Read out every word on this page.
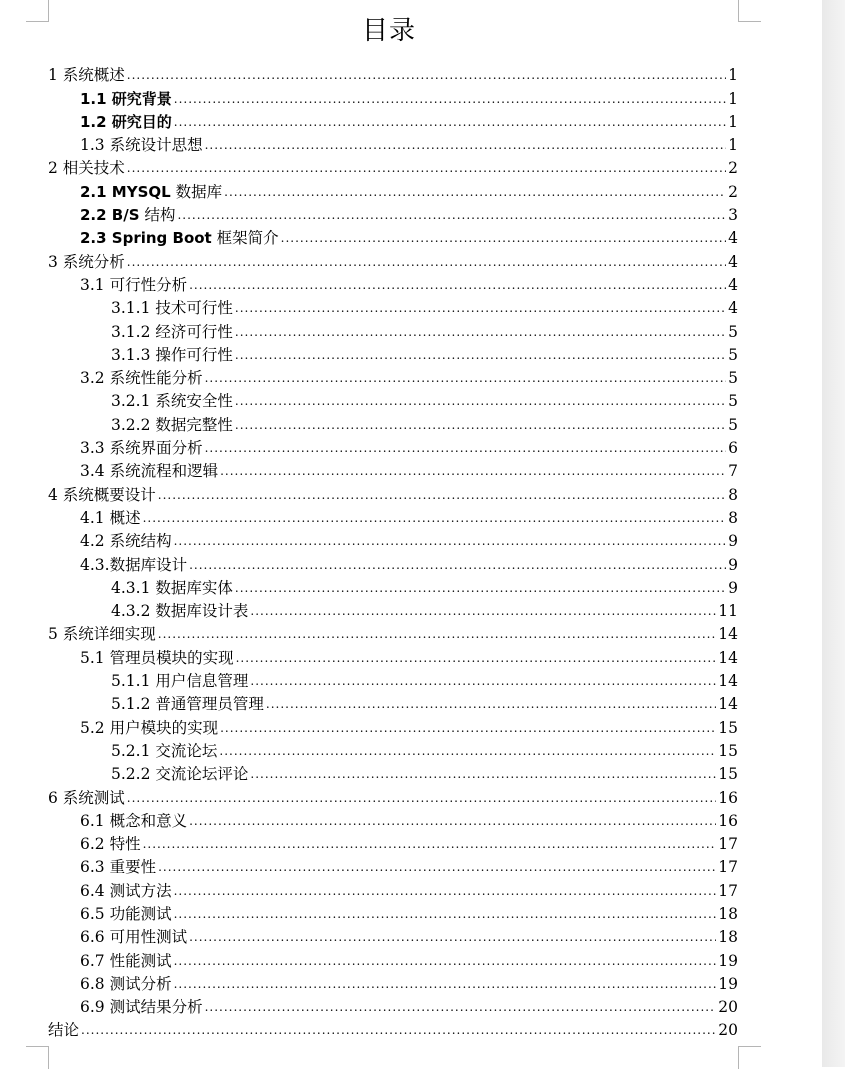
目录
1 系统概述 .....	1
1.1 研究背景 .....	1
1.2 研究目的 .....	1
1.3 系统设计思想 .....	1
2 相关技术 .....	2
2.1 MYSQL 数据库 .....	2
2.2 B/S 结构 .....	3
2.3 Spring Boot 框架简介 .....	4
3 系统分析 .....	4
3.1 可行性分析 .....	4
3.1.1 技术可行性 .....	4
3.1.2 经济可行性 .....	5
3.1.3 操作可行性 .....	5
3.2 系统性能分析 .....	5
3.2.1 系统安全性 .....	5
3.2.2 数据完整性 .....	5
3.3 系统界面分析 .....	6
3.4 系统流程和逻辑 .....	7
4 系统概要设计 .....	8
4.1 概述 .....	8
4.2 系统结构 .....	9
4.3.数据库设计 .....	9
4.3.1 数据库实体 .....	9
4.3.2 数据库设计表 .....	11
5 系统详细实现 .....	14
5.1 管理员模块的实现 .....	14
5.1.1 用户信息管理 .....	14
5.1.2 普通管理员管理 .....	14
5.2 用户模块的实现 .....	15
5.2.1 交流论坛 .....	15
5.2.2 交流论坛评论 .....	15
6 系统测试 .....	16
6.1 概念和意义 .....	16
6.2 特性 .....	17
6.3 重要性 .....	17
6.4 测试方法 .....	17
6.5 功能测试 .....	18
6.6 可用性测试 .....	18
6.7 性能测试 .....	19
6.8 测试分析 .....	19
6.9 测试结果分析 .....	20
结论 .....	20
